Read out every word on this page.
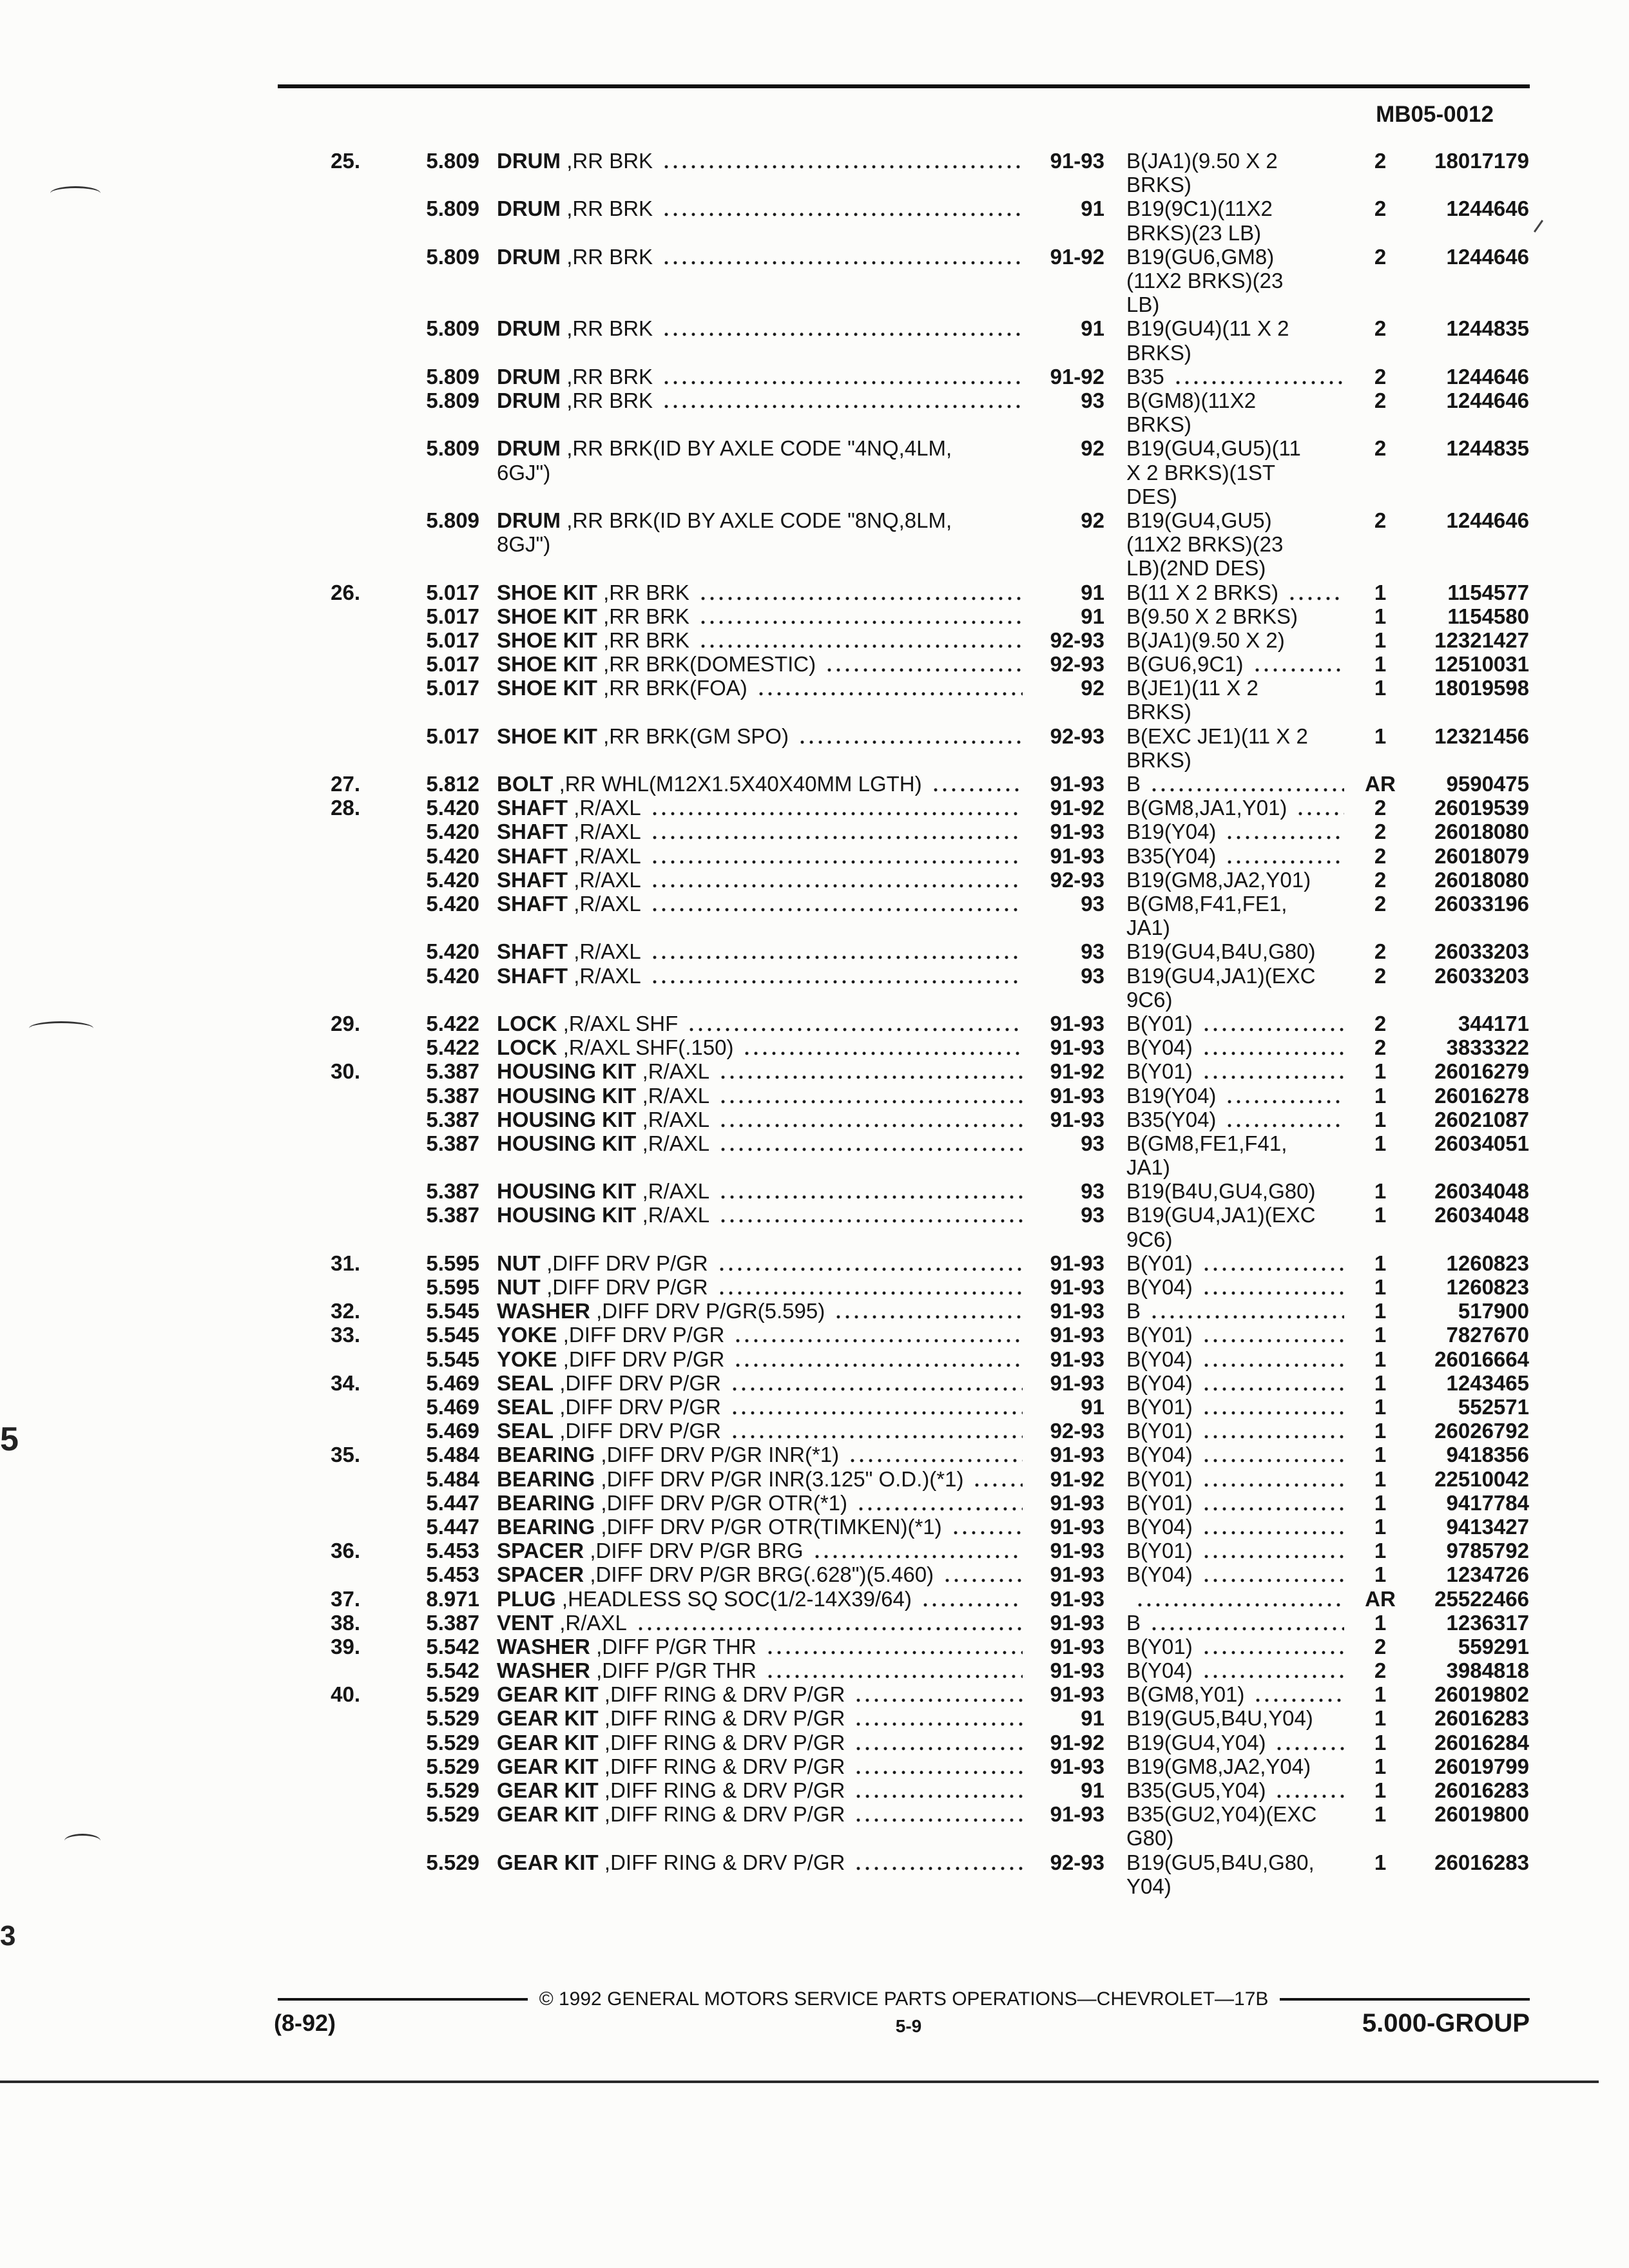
MB05-0012
25.	5.809 DRUM ,RR BRK	91-93 B(JA1)(9.50 X 2
BRKS)
2	18017179
5.809 DRUM ,RR BRK	91 B19(9C1)(11X2
BRKS)(23 LB)
2	1244646
5.809 DRUM ,RR BRK	91-92 B19(GU6,GM8)
(11X2 BRKS)(23
LB)
2	1244646
5.809 DRUM ,RR BRK	91 B19(GU4)(11 X 2
BRKS)
2	1244835
5.809 DRUM ,RR BRK	91-92 B35	2	1244646
5.809 DRUM ,RR BRK	93 B(GM8)(11X2
BRKS)
2	1244646
5.809 DRUM ,RR BRK(ID BY AXLE CODE "4NQ,4LM,
6GJ")
92 B19(GU4,GU5)(11
X 2 BRKS)(1ST
DES)
2	1244835
5.809 DRUM ,RR BRK(ID BY AXLE CODE "8NQ,8LM,
8GJ")
92 B19(GU4,GU5)
(11X2 BRKS)(23
LB)(2ND DES)
2	1244646
26.	5.017 SHOE KIT ,RR BRK	91 B(11 X 2 BRKS)	1	1154577
5.017 SHOE KIT ,RR BRK	91 B(9.50 X 2 BRKS)	1	1154580
5.017 SHOE KIT ,RR BRK	92-93 B(JA1)(9.50 X 2)	1	12321427
5.017 SHOE KIT ,RR BRK(DOMESTIC)	92-93 B(GU6,9C1)	1	12510031
5.017 SHOE KIT ,RR BRK(FOA)	92 B(JE1)(11 X 2
BRKS)
1	18019598
5.017 SHOE KIT ,RR BRK(GM SPO)	92-93 B(EXC JE1)(11 X 2
BRKS)
1	12321456
27.	5.812 BOLT ,RR WHL(M12X1.5X40X40MM LGTH)	91-93 B	AR	9590475
28.	5.420 SHAFT ,R/AXL	91-92 B(GM8,JA1,Y01)	2	26019539
5.420 SHAFT ,R/AXL	91-93 B19(Y04)	2	26018080
5.420 SHAFT ,R/AXL	91-93 B35(Y04)	2	26018079
5.420 SHAFT ,R/AXL	92-93 B19(GM8,JA2,Y01)	2	26018080
5.420 SHAFT ,R/AXL	93 B(GM8,F41,FE1,
JA1)
2	26033196
5.420 SHAFT ,R/AXL	93 B19(GU4,B4U,G80)	2	26033203
5.420 SHAFT ,R/AXL	93 B19(GU4,JA1)(EXC
9C6)
2	26033203
29.	5.422 LOCK ,R/AXL SHF	91-93 B(Y01)	2	344171
5.422 LOCK ,R/AXL SHF(.150)	91-93 B(Y04)	2	3833322
30.	5.387 HOUSING KIT ,R/AXL	91-92 B(Y01)	1	26016279
5.387 HOUSING KIT ,R/AXL	91-93 B19(Y04)	1	26016278
5.387 HOUSING KIT ,R/AXL	91-93 B35(Y04)	1	26021087
5.387 HOUSING KIT ,R/AXL	93 B(GM8,FE1,F41,
JA1)
1	26034051
5.387 HOUSING KIT ,R/AXL	93 B19(B4U,GU4,G80)	1	26034048
5.387 HOUSING KIT ,R/AXL	93 B19(GU4,JA1)(EXC
9C6)
1	26034048
31.	5.595 NUT ,DIFF DRV P/GR	91-93 B(Y01)	1	1260823
5.595 NUT ,DIFF DRV P/GR	91-93 B(Y04)	1	1260823
32.	5.545 WASHER ,DIFF DRV P/GR(5.595)	91-93 B	1	517900
33.	5.545 YOKE ,DIFF DRV P/GR	91-93 B(Y01)	1	7827670
5.545 YOKE ,DIFF DRV P/GR	91-93 B(Y04)	1	26016664
34.	5.469 SEAL ,DIFF DRV P/GR	91-93 B(Y04)	1	1243465
5.469 SEAL ,DIFF DRV P/GR	91 B(Y01)	1	552571
5.469 SEAL ,DIFF DRV P/GR	92-93 B(Y01)	1	26026792
35.	5.484 BEARING ,DIFF DRV P/GR INR(*1)	91-93 B(Y04)	1	9418356
5.484 BEARING ,DIFF DRV P/GR INR(3.125" O.D.)(*1)	91-92 B(Y01)	1	22510042
5.447 BEARING ,DIFF DRV P/GR OTR(*1)	91-93 B(Y01)	1	9417784
5.447 BEARING ,DIFF DRV P/GR OTR(TIMKEN)(*1)	91-93 B(Y04)	1	9413427
36.	5.453 SPACER ,DIFF DRV P/GR BRG	91-93 B(Y01)	1	9785792
5.453 SPACER ,DIFF DRV P/GR BRG(.628")(5.460)	91-93 B(Y04)	1	1234726
37.	8.971 PLUG ,HEADLESS SQ SOC(1/2-14X39/64)	91-93	AR	25522466
38.	5.387 VENT ,R/AXL	91-93 B	1	1236317
39.	5.542 WASHER ,DIFF P/GR THR	91-93 B(Y01)	2	559291
5.542 WASHER ,DIFF P/GR THR	91-93 B(Y04)	2	3984818
40.	5.529 GEAR KIT ,DIFF RING & DRV P/GR	91-93 B(GM8,Y01)	1	26019802
5.529 GEAR KIT ,DIFF RING & DRV P/GR	91 B19(GU5,B4U,Y04)	1	26016283
5.529 GEAR KIT ,DIFF RING & DRV P/GR	91-92 B19(GU4,Y04)	1	26016284
5.529 GEAR KIT ,DIFF RING & DRV P/GR	91-93 B19(GM8,JA2,Y04)	1	26019799
5.529 GEAR KIT ,DIFF RING & DRV P/GR	91 B35(GU5,Y04)	1	26016283
5.529 GEAR KIT ,DIFF RING & DRV P/GR	91-93 B35(GU2,Y04)(EXC
G80)
1	26019800
5.529 GEAR KIT ,DIFF RING & DRV P/GR	92-93 B19(GU5,B4U,G80,
Y04)
1	26016283
© 1992 GENERAL MOTORS SERVICE PARTS OPERATIONS—CHEVROLET—17B
(8-92)	5-9	5.000-GROUP
5
3
